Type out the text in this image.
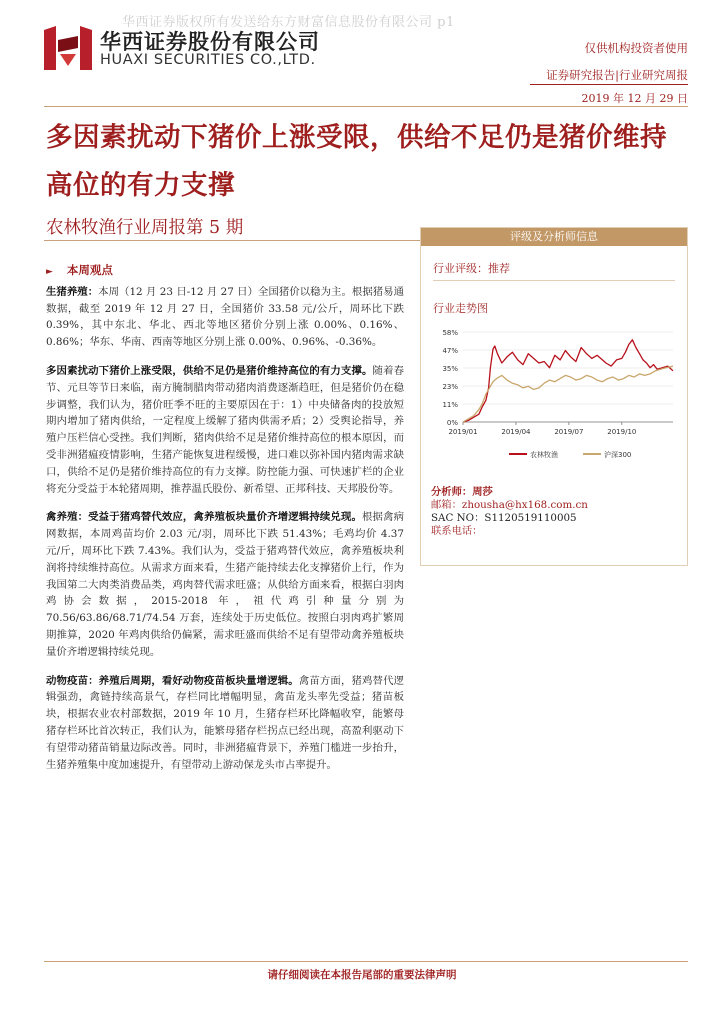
华西证券版权所有发送给东方财富信息股份有限公司 p1
华西证券股份有限公司
HUAXI SECURITIES CO.,LTD.
仅供机构投资者使用
证券研究报告|行业研究周报
2019 年 12 月 29 日
多因素扰动下猪价上涨受限，供给不足仍是猪价维持高位的有力支撑
农林牧渔行业周报第 5 期
► 本周观点

生猪养殖：本周（12 月 23 日-12 月 27 日）全国猪价以稳为主。根据猪易通数据，截至 2019 年 12 月 27 日，全国猪价 33.58 元/公斤，周环比下跌 0.39%，其中东北、华北、西北等地区猪价分别上涨 0.00%、0.16%、0.86%；华东、华南、西南等地区分别上涨 0.00%、0.96%、-0.36%。

多因素扰动下猪价上涨受限，供给不足仍是猪价维持高位的有力支撑。随着春节、元旦等节日来临，南方腌制腊肉带动猪肉消费逐渐趋旺，但是猪价仍在稳步调整，我们认为，猪价旺季不旺的主要原因在于：1）中央储备肉的投放短期内增加了猪肉供给，一定程度上缓解了猪肉供需矛盾；2）受舆论指导，养殖户压栏信心受挫。我们判断，猪肉供给不足是猪价维持高位的根本原因，而受非洲猪瘟疫情影响，生猪产能恢复进程缓慢，进口难以弥补国内猪肉需求缺口，供给不足仍是猪价维持高位的有力支撑。防控能力强、可快速扩栏的企业将充分受益于本轮猪周期，推荐温氏股份、新希望、正邦科技、天邦股份等。

禽养殖：受益于猪鸡替代效应，禽养殖板块量价齐增逻辑持续兑现。根据禽病网数据，本周鸡苗均价 2.03 元/羽，周环比下跌 51.43%；毛鸡均价 4.37 元/斤，周环比下跌 7.43%。我们认为，受益于猪鸡替代效应，禽养殖板块利润将持续维持高位。从需求方面来看，生猪产能持续去化支撑猪价上行，作为我国第二大肉类消费品类，鸡肉替代需求旺盛；从供给方面来看，根据白羽肉鸡协会数据，2015-2018 年，祖代鸡引种量分别为 70.56/63.86/68.71/74.54 万套，连续处于历史低位。按照白羽肉鸡扩繁周期推算，2020 年鸡肉供给仍偏紧，需求旺盛而供给不足有望带动禽养殖板块量价齐增逻辑持续兑现。

动物疫苗：养殖后周期，看好动物疫苗板块量增逻辑。禽苗方面，猪鸡替代逻辑强劲，禽链持续高景气，存栏同比增幅明显，禽苗龙头率先受益；猪苗板块，根据农业农村部数据，2019 年 10 月，生猪存栏环比降幅收窄，能繁母猪存栏环比首次转正，我们认为，能繁母猪存栏拐点已经出现，高盈利驱动下有望带动猪苗销量边际改善。同时，非洲猪瘟背景下，养殖门槛进一步抬升，生猪养殖集中度加速提升，有望带动上游动保龙头市占率提升。

评级及分析师信息
行业评级：推荐
行业走势图
0%
11%
23%
35%
47%
58%
2019/01	2019/04	2019/07	2019/10
农林牧渔	沪深300
分析师：周莎
邮箱：zhousha@hx168.com.cn
SAC NO：S1120519110005
联系电话：
请仔细阅读在本报告尾部的重要法律声明
